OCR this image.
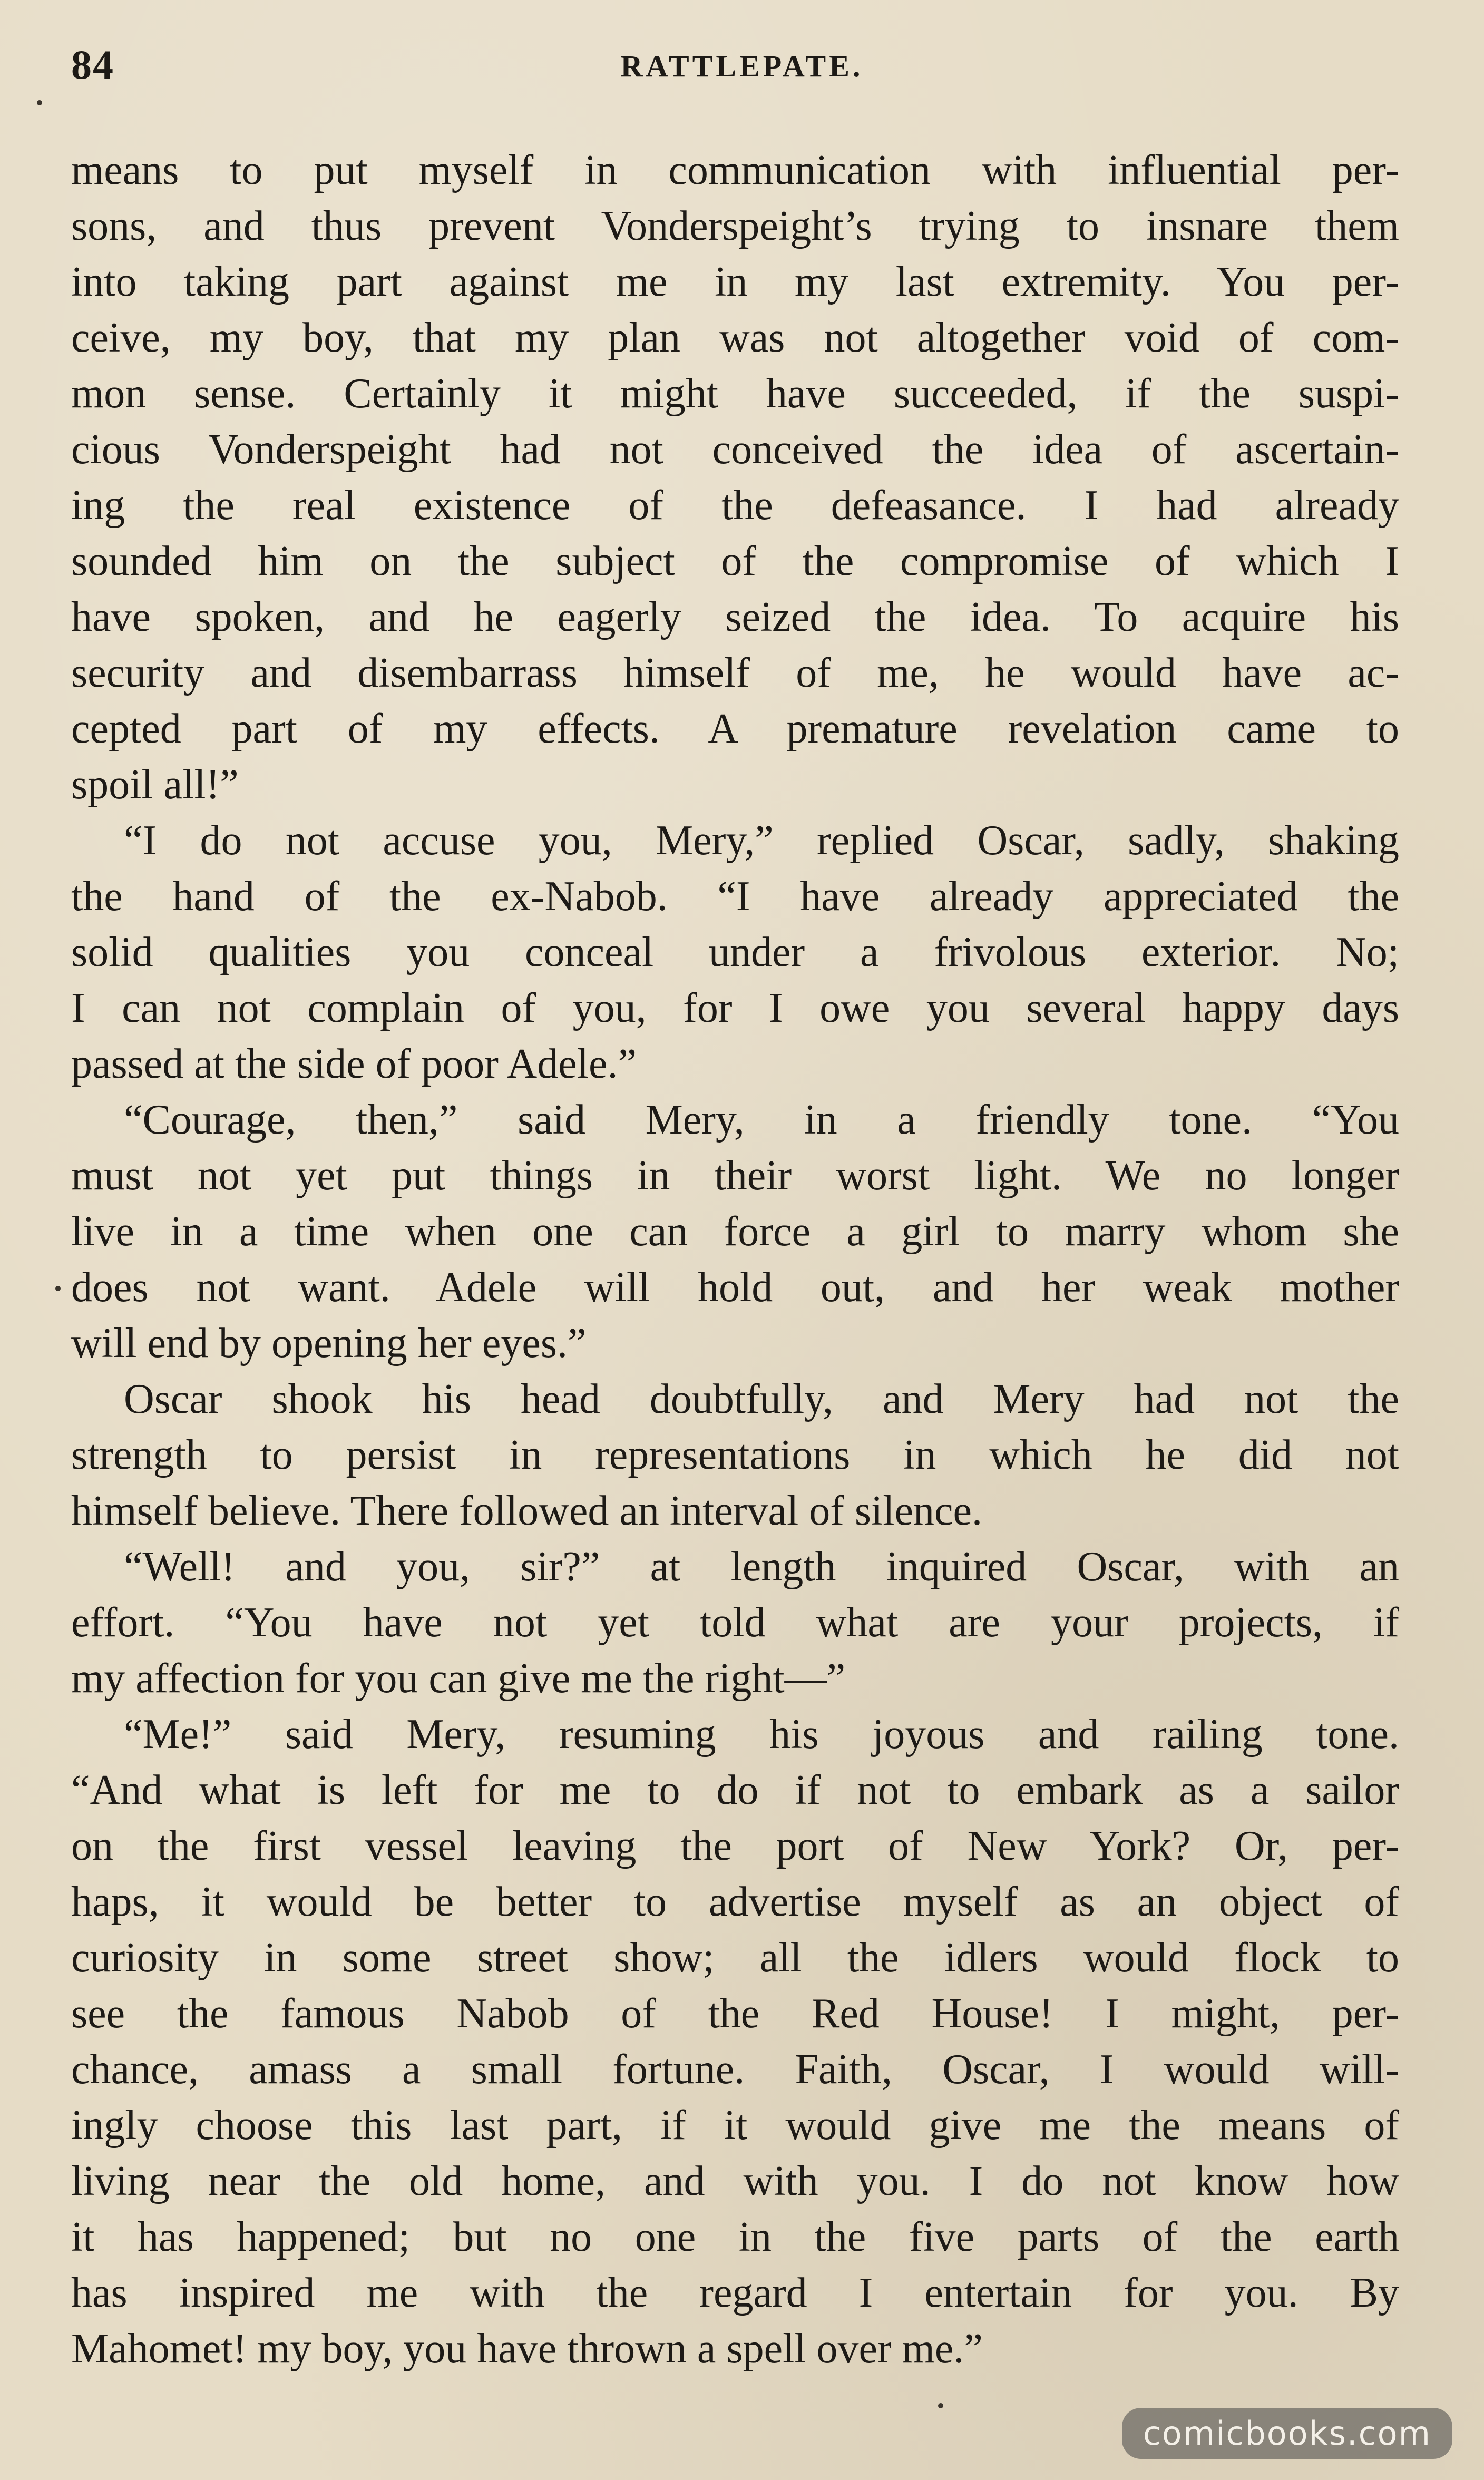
84	RATTLEPATE.
means to put myself in communication with influential per-
sons, and thus prevent Vonderspeight’s trying to insnare them
into taking part against me in my last extremity. You per-
ceive, my boy, that my plan was not altogether void of com-
mon sense. Certainly it might have succeeded, if the suspi-
cious Vonderspeight had not conceived the idea of ascertain-
ing the real existence of the defeasance. I had already
sounded him on the subject of the compromise of which I
have spoken, and he eagerly seized the idea. To acquire his
security and disembarrass himself of me, he would have ac-
cepted part of my effects. A premature revelation came to
spoil all!”
“I do not accuse you, Mery,” replied Oscar, sadly, shaking
the hand of the ex-Nabob. “I have already appreciated the
solid qualities you conceal under a frivolous exterior. No;
I can not complain of you, for I owe you several happy days
passed at the side of poor Adele.”
“Courage, then,” said Mery, in a friendly tone. “You
must not yet put things in their worst light. We no longer
live in a time when one can force a girl to marry whom she
does not want. Adele will hold out, and her weak mother
will end by opening her eyes.”
Oscar shook his head doubtfully, and Mery had not the
strength to persist in representations in which he did not
himself believe. There followed an interval of silence.
“Well! and you, sir?” at length inquired Oscar, with an
effort. “You have not yet told what are your projects, if
my affection for you can give me the right—”
“Me!” said Mery, resuming his joyous and railing tone.
“And what is left for me to do if not to embark as a sailor
on the first vessel leaving the port of New York? Or, per-
haps, it would be better to advertise myself as an object of
curiosity in some street show; all the idlers would flock to
see the famous Nabob of the Red House! I might, per-
chance, amass a small fortune. Faith, Oscar, I would will-
ingly choose this last part, if it would give me the means of
living near the old home, and with you. I do not know how
it has happened; but no one in the five parts of the earth
has inspired me with the regard I entertain for you. By
Mahomet! my boy, you have thrown a spell over me.”
comicbooks.com
